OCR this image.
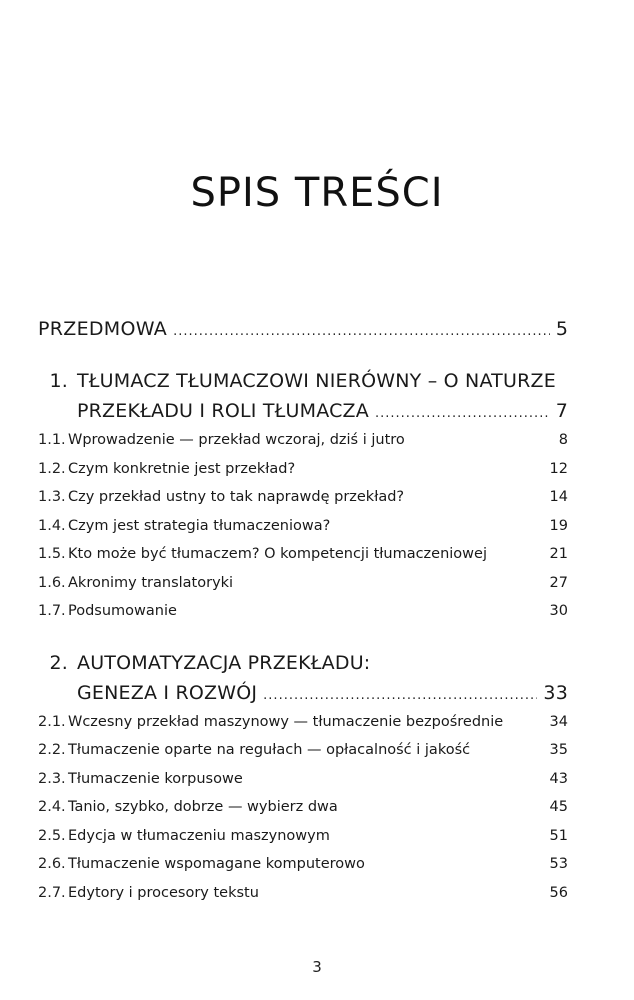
SPIS TREŚCI
PRZEDMOWA .....	5
1. TŁUMACZ TŁUMACZOWI NIERÓWNY – O NATURZE
PRZEKŁADU I ROLI TŁUMACZA .....	7
1.1. Wprowadzenie — przekład wczoraj, dziś i jutro	8
1.2. Czym konkretnie jest przekład?	12
1.3. Czy przekład ustny to tak naprawdę przekład?	14
1.4. Czym jest strategia tłumaczeniowa?	19
1.5. Kto może być tłumaczem? O kompetencji tłumaczeniowej	21
1.6. Akronimy translatoryki	27
1.7. Podsumowanie	30
2. AUTOMATYZACJA PRZEKŁADU:
GENEZA I ROZWÓJ .....	33
2.1. Wczesny przekład maszynowy — tłumaczenie bezpośrednie	34
2.2. Tłumaczenie oparte na regułach — opłacalność i jakość	35
2.3. Tłumaczenie korpusowe	43
2.4. Tanio, szybko, dobrze — wybierz dwa	45
2.5. Edycja w tłumaczeniu maszynowym	51
2.6. Tłumaczenie wspomagane komputerowo	53
2.7. Edytory i procesory tekstu	56
3
